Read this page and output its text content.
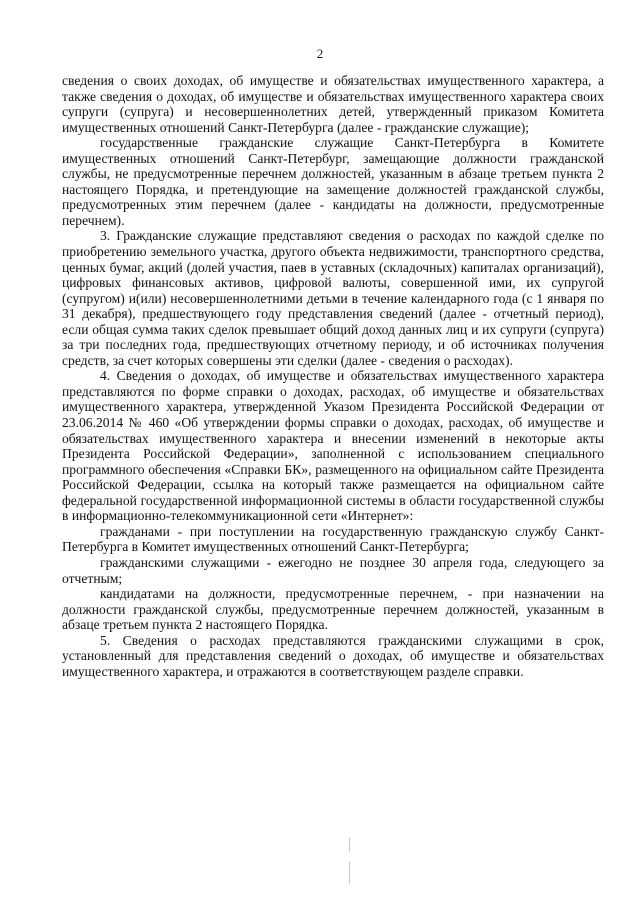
2

сведения о своих доходах, об имуществе и обязательствах имущественного характера, а также сведения о доходах, об имуществе и обязательствах имущественного характера своих супруги (супруга) и несовершеннолетних детей, утвержденный приказом Комитета имущественных отношений Санкт-Петербурга (далее - гражданские служащие);

государственные гражданские служащие Санкт-Петербурга в Комитете имущественных отношений Санкт-Петербург, замещающие должности гражданской службы, не предусмотренные перечнем должностей, указанным в абзаце третьем пункта 2 настоящего Порядка, и претендующие на замещение должностей гражданской службы, предусмотренных этим перечнем (далее - кандидаты на должности, предусмотренные перечнем).

3. Гражданские служащие представляют сведения о расходах по каждой сделке по приобретению земельного участка, другого объекта недвижимости, транспортного средства, ценных бумаг, акций (долей участия, паев в уставных (складочных) капиталах организаций), цифровых финансовых активов, цифровой валюты, совершенной ими, их супругой (супругом) и(или) несовершеннолетними детьми в течение календарного года (с 1 января по 31 декабря), предшествующего году представления сведений (далее - отчетный период), если общая сумма таких сделок превышает общий доход данных лиц и их супруги (супруга) за три последних года, предшествующих отчетному периоду, и об источниках получения средств, за счет которых совершены эти сделки (далее - сведения о расходах).

4. Сведения о доходах, об имуществе и обязательствах имущественного характера представляются по форме справки о доходах, расходах, об имуществе и обязательствах имущественного характера, утвержденной Указом Президента Российской Федерации от 23.06.2014 № 460 «Об утверждении формы справки о доходах, расходах, об имуществе и обязательствах имущественного характера и внесении изменений в некоторые акты Президента Российской Федерации», заполненной с использованием специального программного обеспечения «Справки БК», размещенного на официальном сайте Президента Российской Федерации, ссылка на который также размещается на официальном сайте федеральной государственной информационной системы в области государственной службы в информационно-телекоммуникационной сети «Интернет»:

гражданами - при поступлении на государственную гражданскую службу Санкт-Петербурга в Комитет имущественных отношений Санкт-Петербурга;

гражданскими служащими - ежегодно не позднее 30 апреля года, следующего за отчетным;

кандидатами на должности, предусмотренные перечнем, - при назначении на должности гражданской службы, предусмотренные перечнем должностей, указанным в абзаце третьем пункта 2 настоящего Порядка.

5. Сведения о расходах представляются гражданскими служащими в срок, установленный для представления сведений о доходах, об имуществе и обязательствах имущественного характера, и отражаются в соответствующем разделе справки.
